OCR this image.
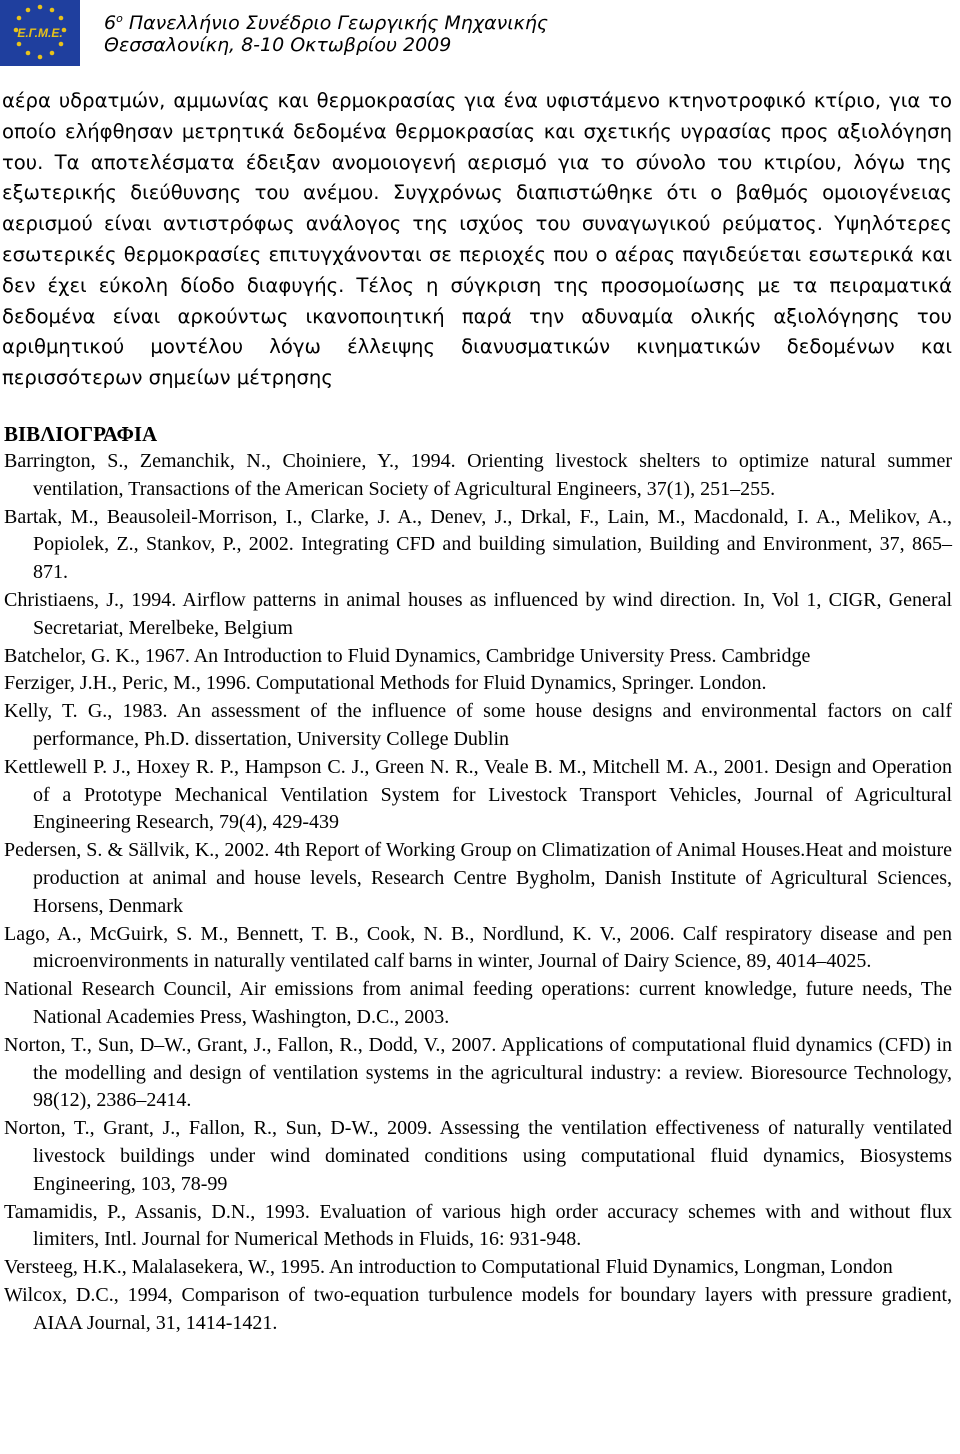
Ε.Γ.Μ.Ε. $6^o$ Πανελλήνιο Συνέδριο Γεωργικής Μηχανικής
Θεσσαλονίκη, 8-10 Οκτωβρίου 2009

αέρα υδρατμών, αμμωνίας και θερμοκρασίας για ένα υφιστάμενο κτηνοτροφικό κτίριο, για το οποίο ελήφθησαν μετρητικά δεδομένα θερμοκρασίας και σχετικής υγρασίας προς αξιολόγηση του. Τα αποτελέσματα έδειξαν ανομοιογενή αερισμό για το σύνολο του κτιρίου, λόγω της εξωτερικής διεύθυνσης του ανέμου. Συγχρόνως διαπιστώθηκε ότι ο βαθμός ομοιογένειας αερισμού είναι αντιστρόφως ανάλογος της ισχύος του συναγωγικού ρεύματος. Υψηλότερες εσωτερικές θερμοκρασίες επιτυγχάνονται σε περιοχές που ο αέρας παγιδεύεται εσωτερικά και δεν έχει εύκολη δίοδο διαφυγής. Τέλος η σύγκριση της προσομοίωσης με τα πειραματικά δεδομένα είναι αρκούντως ικανοποιητική παρά την αδυναμία ολικής αξιολόγησης του αριθμητικού μοντέλου λόγω έλλειψης διανυσματικών κινηματικών δεδομένων και περισσότερων σημείων μέτρησης

ΒΙΒΛΙΟΓΡΑΦΙΑ

Barrington, S., Zemanchik, N., Choiniere, Y., 1994. Orienting livestock shelters to optimize natural summer ventilation, Transactions of the American Society of Agricultural Engineers, 37(1), 251–255.

Bartak, M., Beausoleil-Morrison, I., Clarke, J. A., Denev, J., Drkal, F., Lain, M., Macdonald, I. A., Melikov, A., Popiolek, Z., Stankov, P., 2002. Integrating CFD and building simulation, Building and Environment, 37, 865–871.

Christiaens, J., 1994. Airflow patterns in animal houses as influenced by wind direction. In, Vol 1, CIGR, General Secretariat, Merelbeke, Belgium

Batchelor, G. K., 1967. An Introduction to Fluid Dynamics, Cambridge University Press. Cambridge

Ferziger, J.H., Peric, M., 1996. Computational Methods for Fluid Dynamics, Springer. London.

Kelly, T. G., 1983. An assessment of the influence of some house designs and environmental factors on calf performance, Ph.D. dissertation, University College Dublin

Kettlewell P. J., Hoxey R. P., Hampson C. J., Green N. R., Veale B. M., Mitchell M. A., 2001. Design and Operation of a Prototype Mechanical Ventilation System for Livestock Transport Vehicles, Journal of Agricultural Engineering Research, 79(4), 429-439

Pedersen, S. & Sällvik, K., 2002. 4th Report of Working Group on Climatization of Animal Houses.Heat and moisture production at animal and house levels, Research Centre Bygholm, Danish Institute of Agricultural Sciences, Horsens, Denmark

Lago, A., McGuirk, S. M., Bennett, T. B., Cook, N. B., Nordlund, K. V., 2006. Calf respiratory disease and pen microenvironments in naturally ventilated calf barns in winter, Journal of Dairy Science, 89, 4014–4025.

National Research Council, Air emissions from animal feeding operations: current knowledge, future needs, The National Academies Press, Washington, D.C., 2003.

Norton, T., Sun, D–W., Grant, J., Fallon, R., Dodd, V., 2007. Applications of computational fluid dynamics (CFD) in the modelling and design of ventilation systems in the agricultural industry: a review. Bioresource Technology, 98(12), 2386–2414.

Norton, T., Grant, J., Fallon, R., Sun, D-W., 2009. Assessing the ventilation effectiveness of naturally ventilated livestock buildings under wind dominated conditions using computational fluid dynamics, Biosystems Engineering, 103, 78-99

Tamamidis, P., Assanis, D.N., 1993. Evaluation of various high order accuracy schemes with and without flux limiters, Intl. Journal for Numerical Methods in Fluids, 16: 931-948.

Versteeg, H.K., Malalasekera, W., 1995. An introduction to Computational Fluid Dynamics, Longman, London

Wilcox, D.C., 1994, Comparison of two-equation turbulence models for boundary layers with pressure gradient, AIAA Journal, 31, 1414-1421.
